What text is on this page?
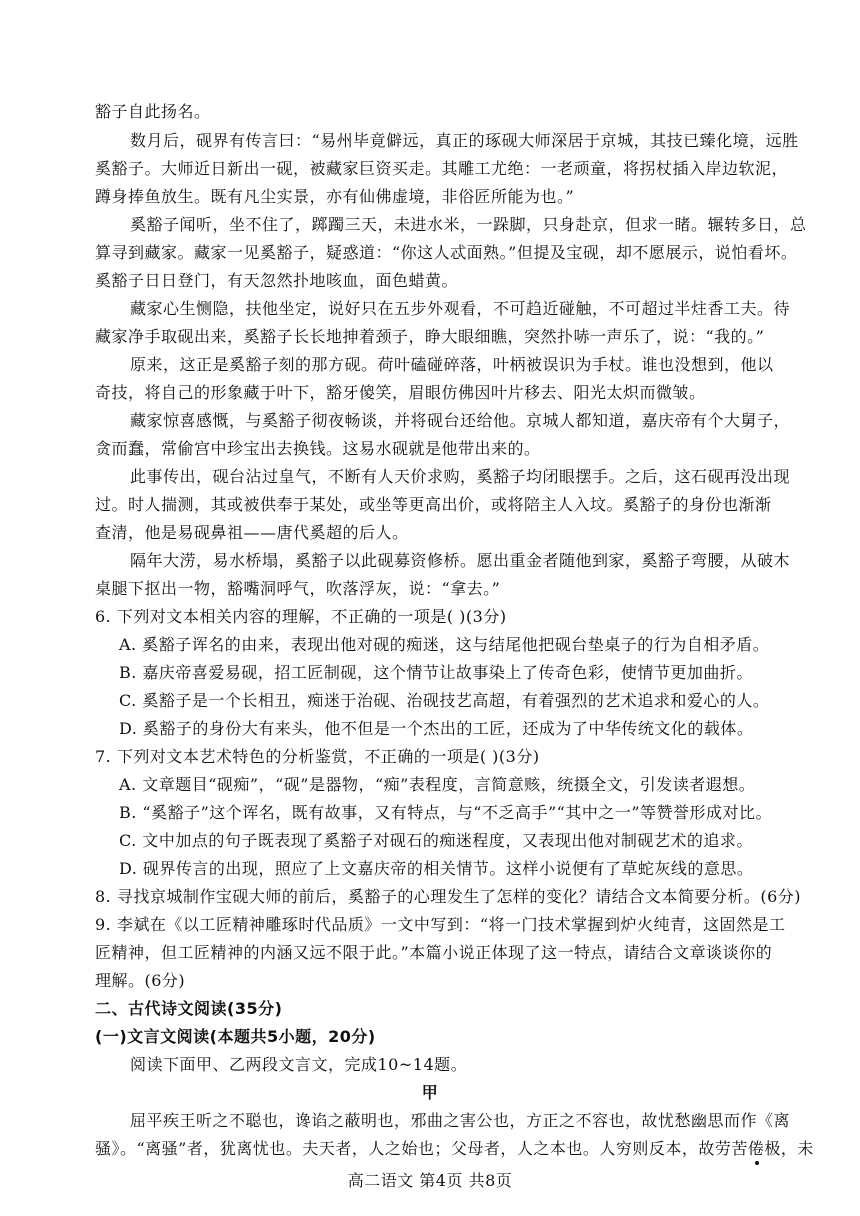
豁子自此扬名。
数月后，砚界有传言曰：“易州毕竟僻远，真正的琢砚大师深居于京城，其技已臻化境，远胜
奚豁子。大师近日新出一砚，被藏家巨资买走。其雕工尤绝：一老顽童，将拐杖插入岸边软泥，
蹲身捧鱼放生。既有凡尘实景，亦有仙佛虚境，非俗匠所能为也。”
奚豁子闻听，坐不住了，踯躅三天，未进水米，一跺脚，只身赴京，但求一睹。辗转多日，总
算寻到藏家。藏家一见奚豁子，疑惑道：“你这人忒面熟。”但提及宝砚，却不愿展示，说怕看坏。
奚豁子日日登门，有天忽然扑地咳血，面色蜡黄。
藏家心生恻隐，扶他坐定，说好只在五步外观看，不可趋近碰触，不可超过半炷香工夫。待
藏家净手取砚出来，奚豁子长长地抻着颈子，睁大眼细瞧，突然扑哧一声乐了，说：“我的。”
原来，这正是奚豁子刻的那方砚。荷叶磕碰碎落，叶柄被误识为手杖。谁也没想到，他以
奇技，将自己的形象藏于叶下，豁牙傻笑，眉眼仿佛因叶片移去、阳光太炽而微皱。
藏家惊喜感慨，与奚豁子彻夜畅谈，并将砚台还给他。京城人都知道，嘉庆帝有个大舅子，
贪而蠢，常偷宫中珍宝出去换钱。这易水砚就是他带出来的。
此事传出，砚台沾过皇气，不断有人天价求购，奚豁子均闭眼摆手。之后，这石砚再没出现
过。时人揣测，其或被供奉于某处，或坐等更高出价，或将陪主人入坟。奚豁子的身份也渐渐
查清，他是易砚鼻祖——唐代奚超的后人。
隔年大涝，易水桥塌，奚豁子以此砚募资修桥。愿出重金者随他到家，奚豁子弯腰，从破木
桌腿下抠出一物，豁嘴洞呼气，吹落浮灰，说：“拿去。”
6. 下列对文本相关内容的理解，不正确的一项是( )(3分)
A. 奚豁子诨名的由来，表现出他对砚的痴迷，这与结尾他把砚台垫桌子的行为自相矛盾。
B. 嘉庆帝喜爱易砚，招工匠制砚，这个情节让故事染上了传奇色彩，使情节更加曲折。
C. 奚豁子是一个长相丑，痴迷于治砚、治砚技艺高超，有着强烈的艺术追求和爱心的人。
D. 奚豁子的身份大有来头，他不但是一个杰出的工匠，还成为了中华传统文化的载体。
7. 下列对文本艺术特色的分析鉴赏，不正确的一项是( )(3分)
A. 文章题目“砚痴”，“砚”是器物，“痴”表程度，言简意赅，统摄全文，引发读者遐想。
B. “奚豁子”这个诨名，既有故事，又有特点，与“不乏高手”“其中之一”等赞誉形成对比。
C. 文中加点的句子既表现了奚豁子对砚石的痴迷程度，又表现出他对制砚艺术的追求。
D. 砚界传言的出现，照应了上文嘉庆帝的相关情节。这样小说便有了草蛇灰线的意思。
8. 寻找京城制作宝砚大师的前后，奚豁子的心理发生了怎样的变化？请结合文本简要分析。(6分)
9. 李斌在《以工匠精神雕琢时代品质》一文中写到：“将一门技术掌握到炉火纯青，这固然是工
匠精神，但工匠精神的内涵又远不限于此。”本篇小说正体现了这一特点，请结合文章谈谈你的
理解。(6分)
二、古代诗文阅读(35分)
(一)文言文阅读(本题共5小题，20分)
阅读下面甲、乙两段文言文，完成10~14题。
甲
屈平疾王听之不聪也，谗谄之蔽明也，邪曲之害公也，方正之不容也，故忧愁幽思而作《离
骚》。“离骚”者，犹离忧也。夫天者，人之始也；父母者，人之本也。人穷则反本，故劳苦倦极，未
高二语文 第4页 共8页
